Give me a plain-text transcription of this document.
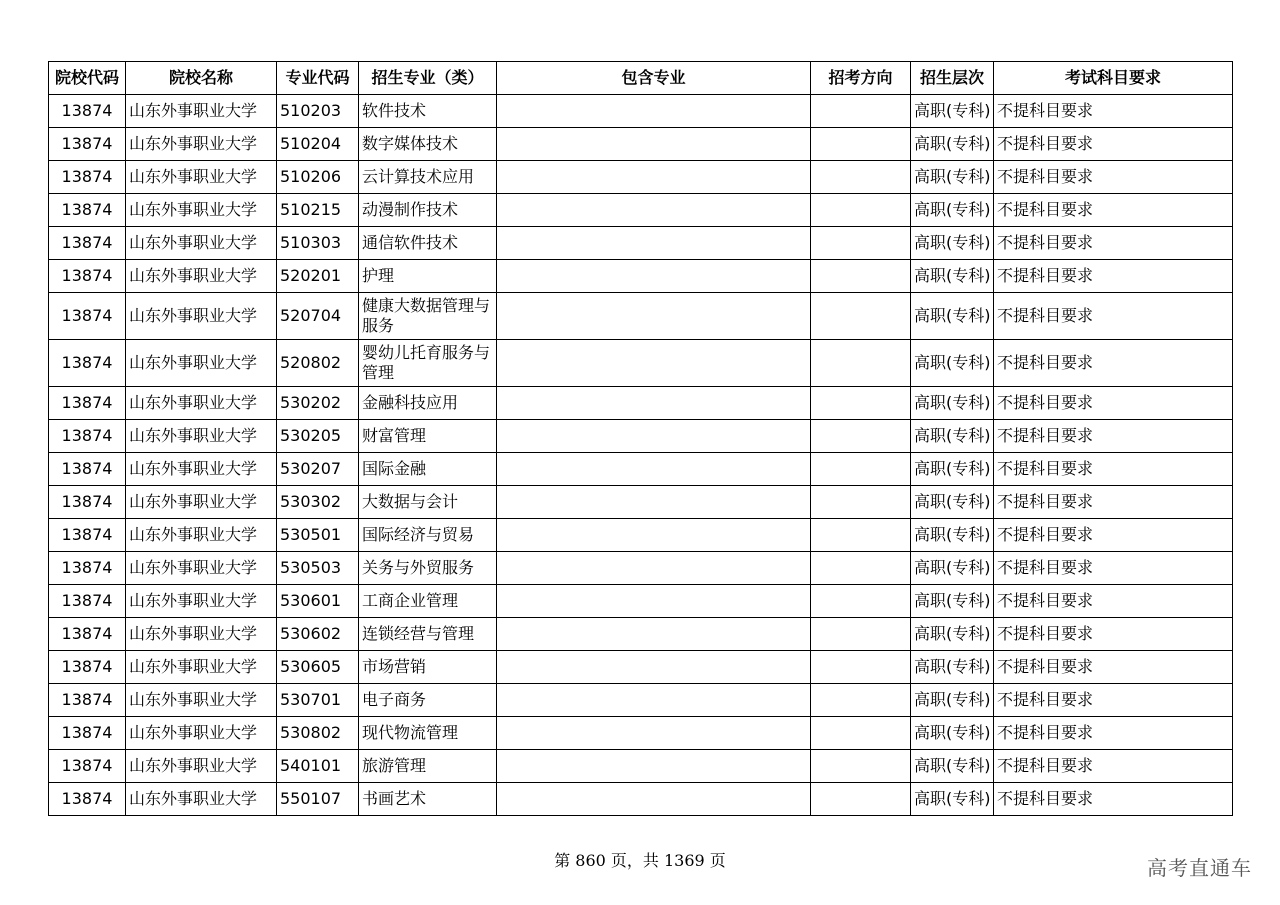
院校代码	院校名称	专业代码	招生专业（类）	包含专业	招考方向	招生层次	考试科目要求
13874	山东外事职业大学	510203	软件技术			高职(专科)	不提科目要求
13874	山东外事职业大学	510204	数字媒体技术			高职(专科)	不提科目要求
13874	山东外事职业大学	510206	云计算技术应用			高职(专科)	不提科目要求
13874	山东外事职业大学	510215	动漫制作技术			高职(专科)	不提科目要求
13874	山东外事职业大学	510303	通信软件技术			高职(专科)	不提科目要求
13874	山东外事职业大学	520201	护理			高职(专科)	不提科目要求
13874	山东外事职业大学	520704	健康大数据管理与服务			高职(专科)	不提科目要求
13874	山东外事职业大学	520802	婴幼儿托育服务与管理			高职(专科)	不提科目要求
13874	山东外事职业大学	530202	金融科技应用			高职(专科)	不提科目要求
13874	山东外事职业大学	530205	财富管理			高职(专科)	不提科目要求
13874	山东外事职业大学	530207	国际金融			高职(专科)	不提科目要求
13874	山东外事职业大学	530302	大数据与会计			高职(专科)	不提科目要求
13874	山东外事职业大学	530501	国际经济与贸易			高职(专科)	不提科目要求
13874	山东外事职业大学	530503	关务与外贸服务			高职(专科)	不提科目要求
13874	山东外事职业大学	530601	工商企业管理			高职(专科)	不提科目要求
13874	山东外事职业大学	530602	连锁经营与管理			高职(专科)	不提科目要求
13874	山东外事职业大学	530605	市场营销			高职(专科)	不提科目要求
13874	山东外事职业大学	530701	电子商务			高职(专科)	不提科目要求
13874	山东外事职业大学	530802	现代物流管理			高职(专科)	不提科目要求
13874	山东外事职业大学	540101	旅游管理			高职(专科)	不提科目要求
13874	山东外事职业大学	550107	书画艺术			高职(专科)	不提科目要求
第 860 页，共 1369 页	高考直通车
